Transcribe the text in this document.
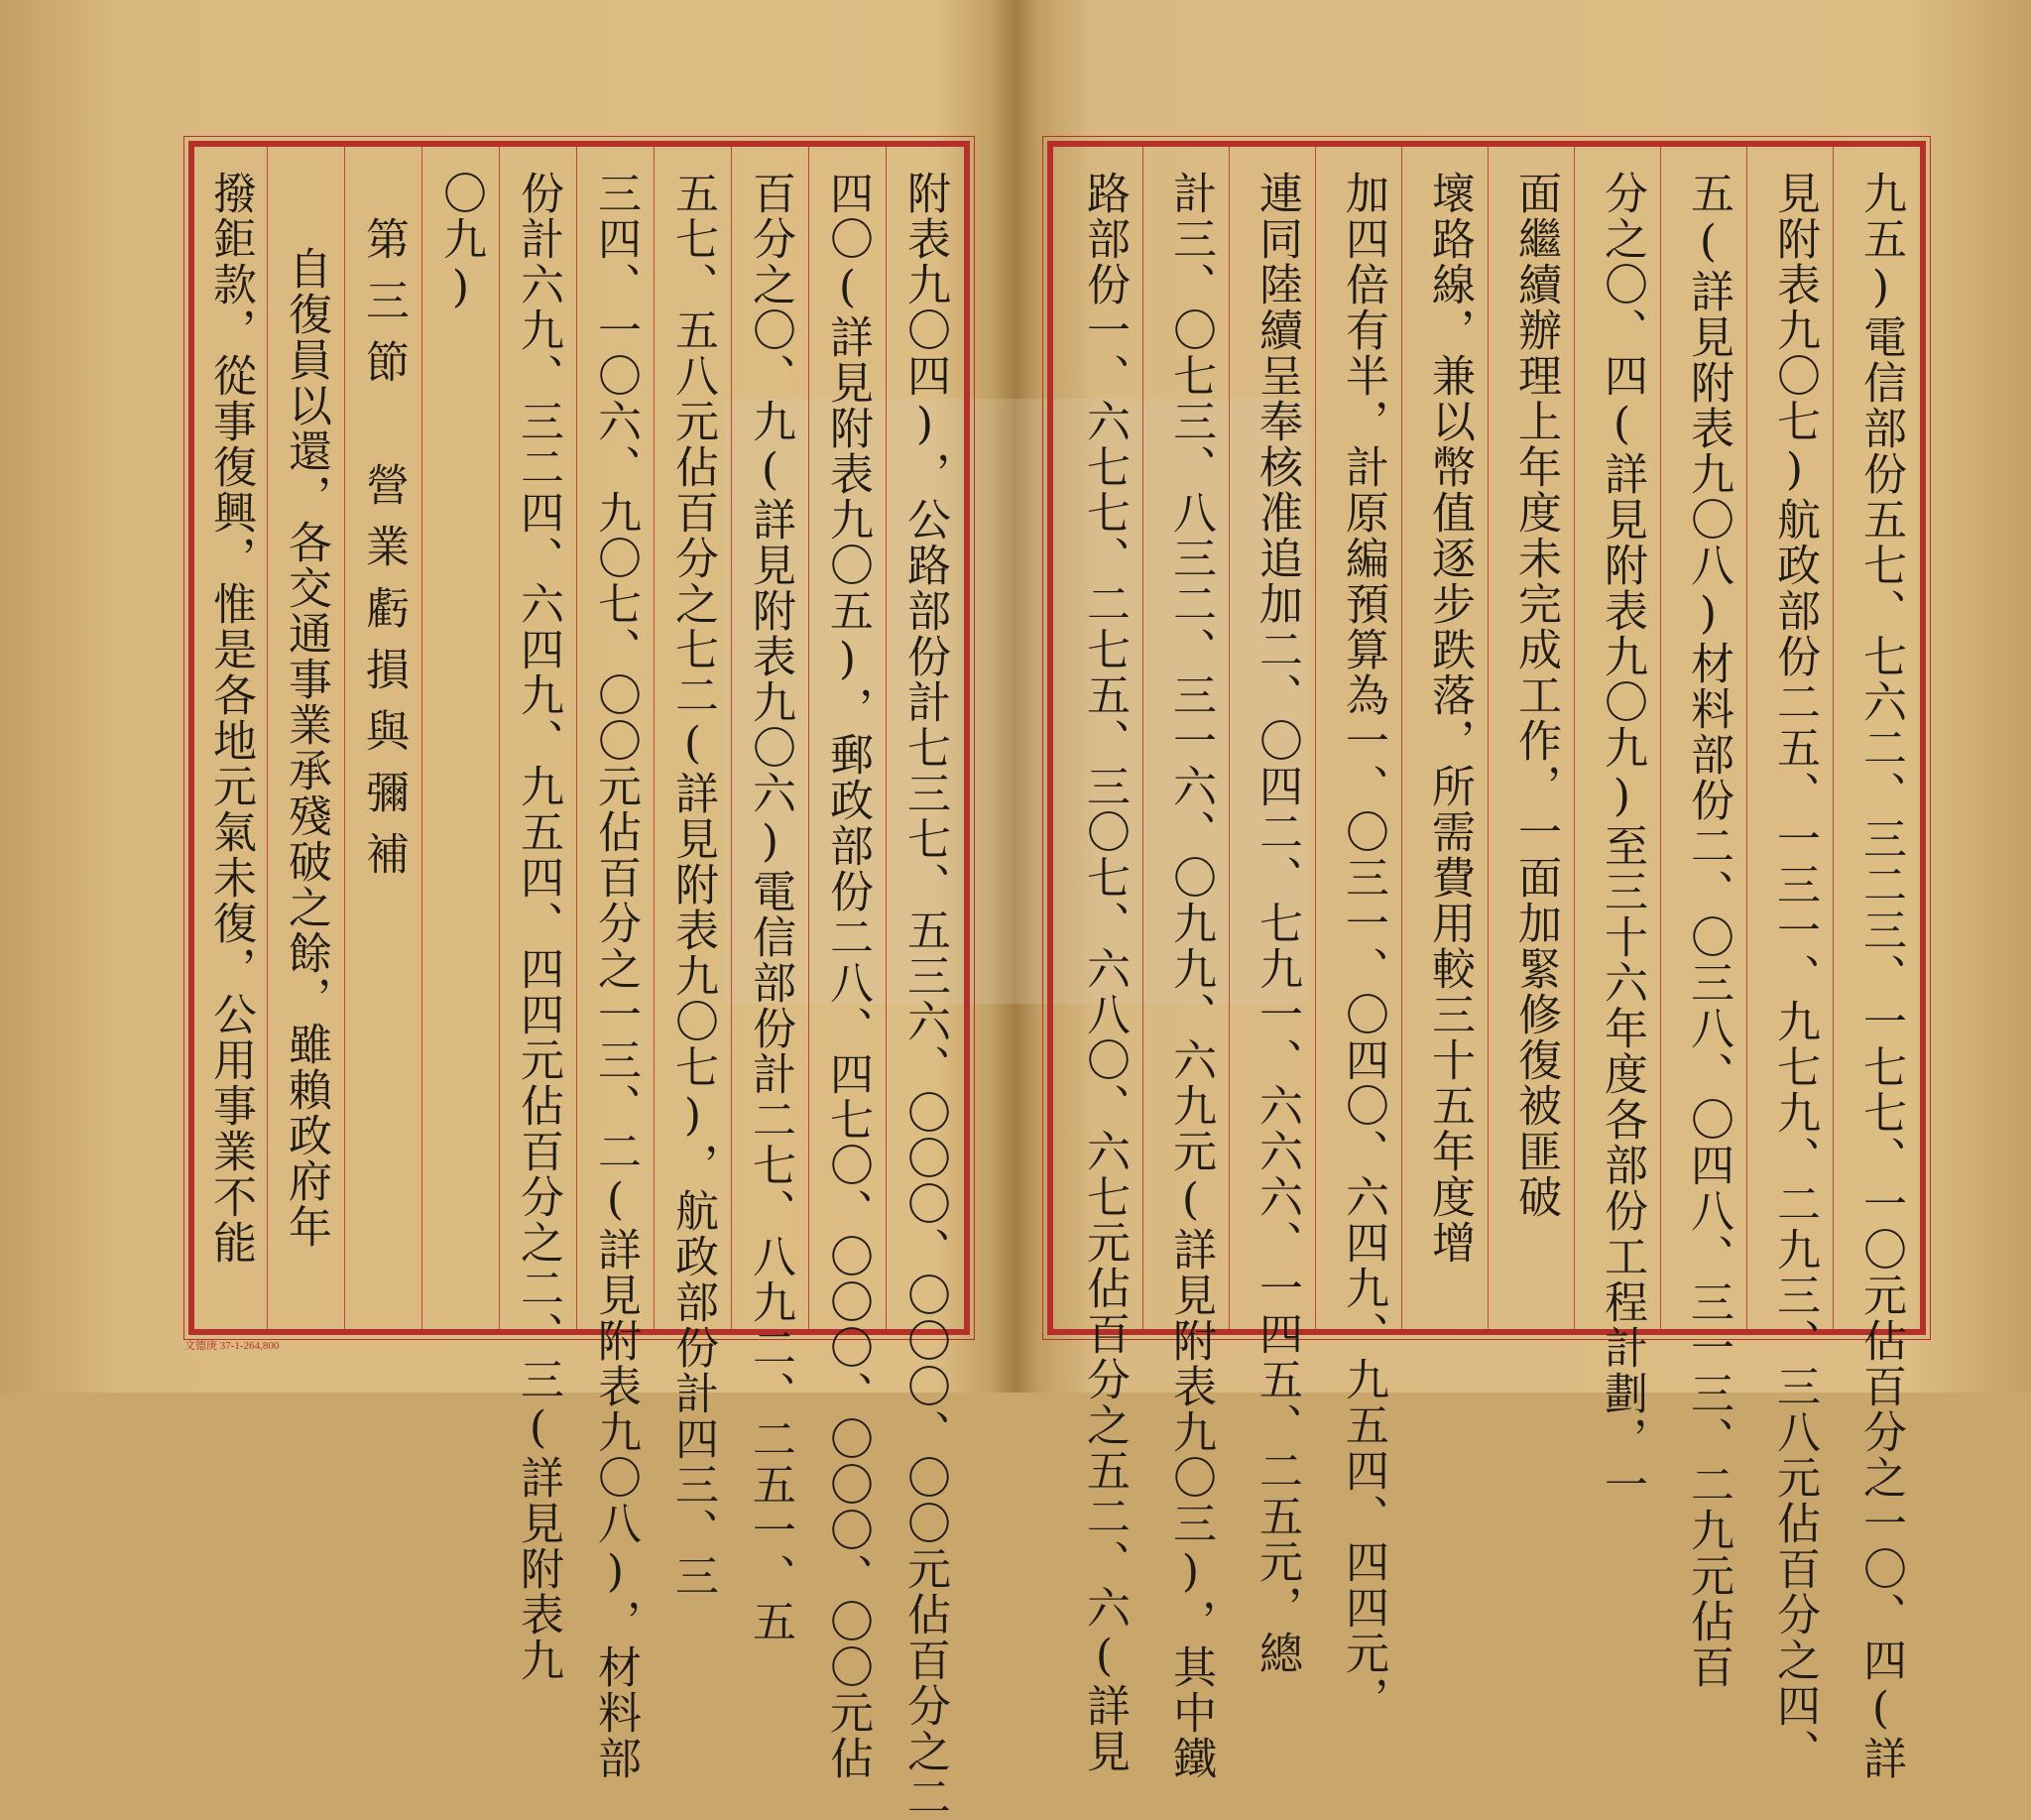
附表九〇四)，公路部份計七三七、五三六、〇〇〇、〇〇〇、〇〇元佔百分之二
四〇(詳見附表九〇五)，郵政部份二八、四七〇、〇〇〇、〇〇〇、〇〇元佔
百分之〇、九(詳見附表九〇六)電信部份計二七、八九二、二五一、五
五七、五八元佔百分之七二(詳見附表九〇七)，航政部份計四三、三
三四、一〇六、九〇七、〇〇元佔百分之一三、二(詳見附表九〇八)，材料部
份計六九、三二四、六四九、九五四、四四元佔百分之二、三(詳見附表九
〇九)
第三節　營業虧損與彌補
自復員以還，各交通事業承殘破之餘，雖賴政府年
撥鉅款，從事復興，惟是各地元氣未復，公用事業不能
文德庚 37-1-264,800	九五)電信部份五七、七六二、三二三、一七七、一〇元佔百分之一〇、四(詳
見附表九〇七)航政部份二五、一三一、九七九、二九三、三八元佔百分之四、
五(詳見附表九〇八)材料部份二、〇三八、〇四八、三一三、二九元佔百
分之〇、四(詳見附表九〇九)至三十六年度各部份工程計劃，一
面繼續辦理上年度未完成工作，一面加緊修復被匪破
壞路線，兼以幣值逐步跌落，所需費用較三十五年度增
加四倍有半，計原編預算為一、〇三一、〇四〇、六四九、九五四、四四元，
連同陸續呈奉核准追加二、〇四二、七九一、六六六、一四五、二五元，總
計三、〇七三、八三二、三一六、〇九九、六九元(詳見附表九〇三)，其中鐵
路部份一、六七七、二七五、三〇七、六八〇、六七元佔百分之五二、六(詳見
